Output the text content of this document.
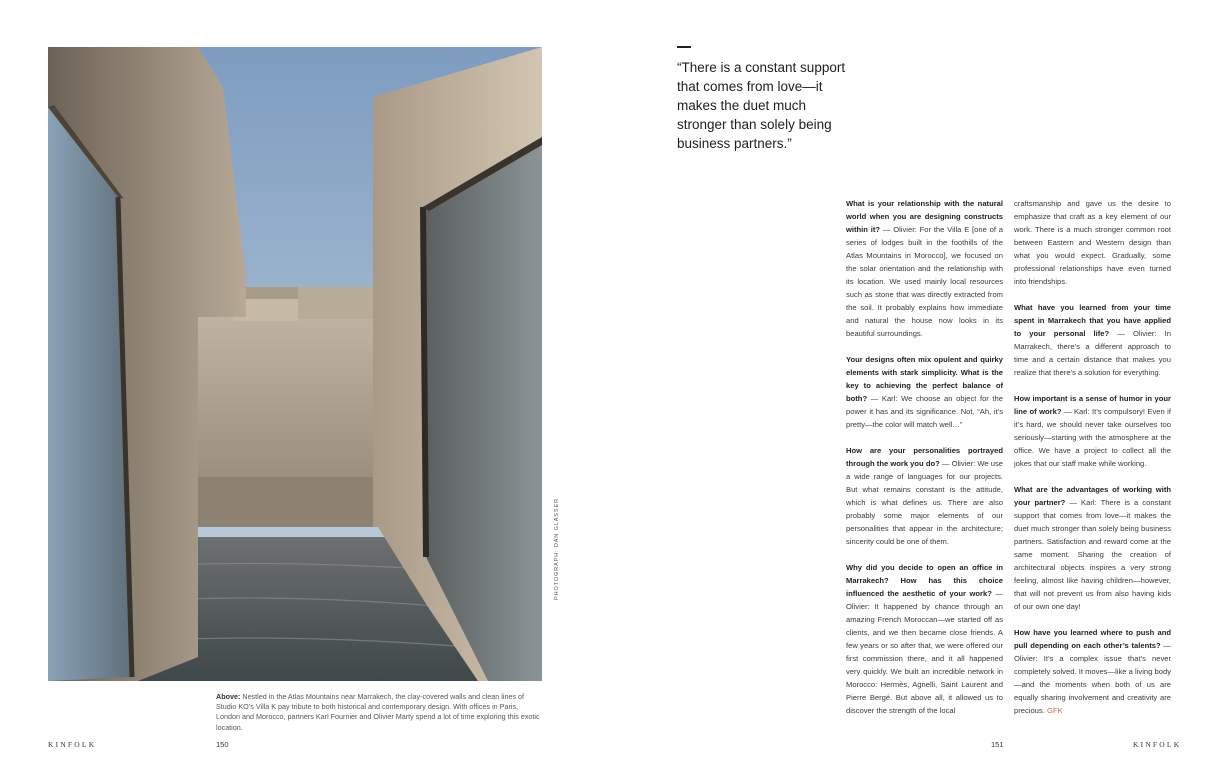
PHOTOGRAPH: DAN GLASSER
Above: Nestled in the Atlas Mountains near Marrakech, the clay-covered walls and clean lines of Studio KO’s Villa K pay tribute to both historical and contemporary design. With offices in Paris, London and Morocco, partners Karl Fournier and Olivier Marty spend a lot of time exploring this exotic location.
KINFOLK	150
“There is a constant support that comes from love—it makes the duet much stronger than solely being business partners.”

What is your relationship with the natural world when you are designing constructs within it? — Olivier: For the Villa E [one of a series of lodges built in the foothills of the Atlas Mountains in Morocco], we focused on the solar orientation and the relationship with its location. We used mainly local resources such as stone that was directly extracted from the soil. It probably explains how immediate and natural the house now looks in its beautiful surroundings.

Your designs often mix opulent and quirky elements with stark simplicity. What is the key to achieving the perfect balance of both? — Karl: We choose an object for the power it has and its significance. Not, “Ah, it’s pretty—the color will match well…”

How are your personalities portrayed through the work you do? — Olivier: We use a wide range of languages for our projects. But what remains constant is the attitude, which is what defines us. There are also probably some major elements of our personalities that appear in the architecture; sincerity could be one of them.

Why did you decide to open an office in Marrakech? How has this choice influenced the aesthetic of your work? — Olivier: It happened by chance through an amazing French Moroccan—we started off as clients, and we then became close friends. A few years or so after that, we were offered our first commission there, and it all happened very quickly. We built an incredible network in Morocco: Hermès, Agnelli, Saint Laurent and Pierre Bergé. But above all, it allowed us to discover the strength of the local

craftsmanship and gave us the desire to emphasize that craft as a key element of our work. There is a much stronger common root between Eastern and Western design than what you would expect. Gradually, some professional relationships have even turned into friendships.

What have you learned from your time spent in Marrakech that you have applied to your personal life? — Olivier: In Marrakech, there’s a different approach to time and a certain distance that makes you realize that there’s a solution for everything.

How important is a sense of humor in your line of work? — Karl: It’s compulsory! Even if it’s hard, we should never take ourselves too seriously—starting with the atmosphere at the office. We have a project to collect all the jokes that our staff make while working.

What are the advantages of working with your partner? — Karl: There is a constant support that comes from love—it makes the duet much stronger than solely being business partners. Satisfaction and reward come at the same moment. Sharing the creation of architectural objects inspires a very strong feeling, almost like having children—however, that will not prevent us from also having kids of our own one day!

How have you learned where to push and pull depending on each other’s talents? — Olivier: It’s a complex issue that’s never completely solved. It moves—like a living body—and the moments when both of us are equally sharing involvement and creativity are precious. GFK

151	KINFOLK
